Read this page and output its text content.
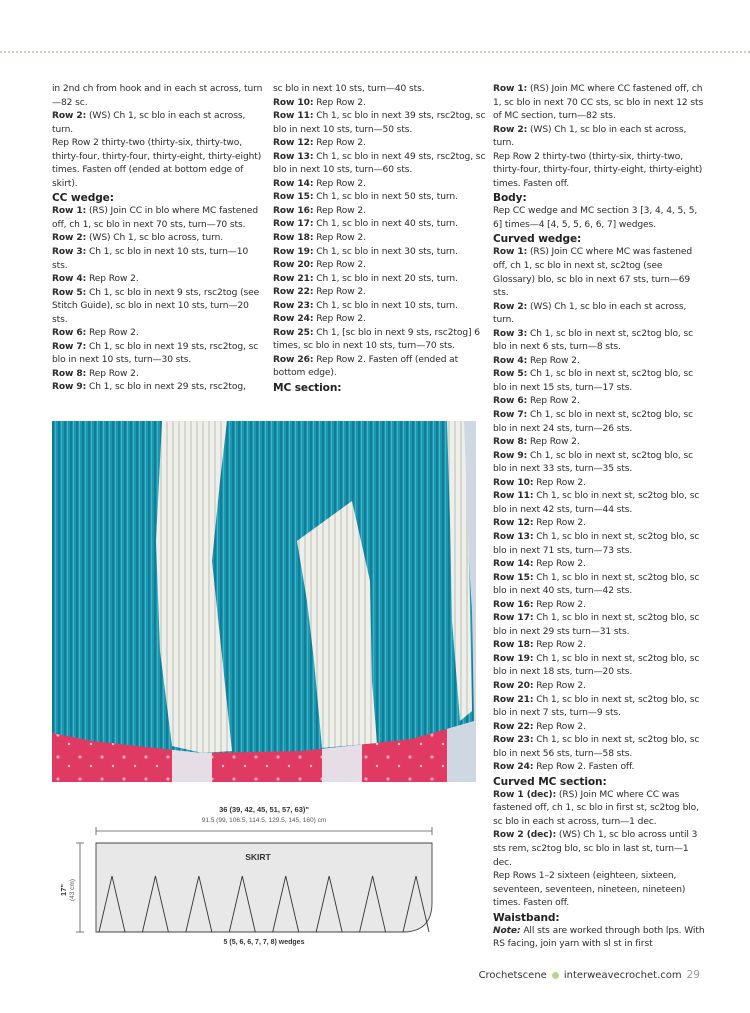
in 2nd ch from hook and in each st across, turn—82 sc.

Row 2: (WS) Ch 1, sc blo in each st across, turn.

Rep Row 2 thirty-two (thirty-six, thirty-two, thirty-four, thirty-four, thirty-eight, thirty-eight) times. Fasten off (ended at bottom edge of skirt).

CC wedge:

Row 1: (RS) Join CC in blo where MC fastened off, ch 1, sc blo in next 70 sts, turn—70 sts.

Row 2: (WS) Ch 1, sc blo across, turn.

Row 3: Ch 1, sc blo in next 10 sts, turn—10 sts.

Row 4: Rep Row 2.

Row 5: Ch 1, sc blo in next 9 sts, rsc2tog (see Stitch Guide), sc blo in next 10 sts, turn—20 sts.

Row 6: Rep Row 2.

Row 7: Ch 1, sc blo in next 19 sts, rsc2tog, sc blo in next 10 sts, turn—30 sts.

Row 8: Rep Row 2.

Row 9: Ch 1, sc blo in next 29 sts, rsc2tog,

sc blo in next 10 sts, turn—40 sts.

Row 10: Rep Row 2.

Row 11: Ch 1, sc blo in next 39 sts, rsc2tog, sc blo in next 10 sts, turn—50 sts.

Row 12: Rep Row 2.

Row 13: Ch 1, sc blo in next 49 sts, rsc2tog, sc blo in next 10 sts, turn—60 sts.

Row 14: Rep Row 2.

Row 15: Ch 1, sc blo in next 50 sts, turn.

Row 16: Rep Row 2.

Row 17: Ch 1, sc blo in next 40 sts, turn.

Row 18: Rep Row 2.

Row 19: Ch 1, sc blo in next 30 sts, turn.

Row 20: Rep Row 2.

Row 21: Ch 1, sc blo in next 20 sts, turn.

Row 22: Rep Row 2.

Row 23: Ch 1, sc blo in next 10 sts, turn.

Row 24: Rep Row 2.

Row 25: Ch 1, [sc blo in next 9 sts, rsc2tog] 6 times, sc blo in next 10 sts, turn—70 sts.

Row 26: Rep Row 2. Fasten off (ended at bottom edge).

MC section:

Row 1: (RS) Join MC where CC fastened off, ch 1, sc blo in next 70 CC sts, sc blo in next 12 sts of MC section, turn—82 sts.

Row 2: (WS) Ch 1, sc blo in each st across, turn.

Rep Row 2 thirty-two (thirty-six, thirty-two, thirty-four, thirty-four, thirty-eight, thirty-eight) times. Fasten off.

Body:

Rep CC wedge and MC section 3 [3, 4, 4, 5, 5, 6] times—4 [4, 5, 5, 6, 6, 7] wedges.

Curved wedge:

Row 1: (RS) Join CC where MC was fastened off, ch 1, sc blo in next st, sc2tog (see Glossary) blo, sc blo in next 67 sts, turn—69 sts.

Row 2: (WS) Ch 1, sc blo in each st across, turn.

Row 3: Ch 1, sc blo in next st, sc2tog blo, sc blo in next 6 sts, turn—8 sts.

Row 4: Rep Row 2.

Row 5: Ch 1, sc blo in next st, sc2tog blo, sc blo in next 15 sts, turn—17 sts.

Row 6: Rep Row 2.

Row 7: Ch 1, sc blo in next st, sc2tog blo, sc blo in next 24 sts, turn—26 sts.

Row 8: Rep Row 2.

Row 9: Ch 1, sc blo in next st, sc2tog blo, sc blo in next 33 sts, turn—35 sts.

Row 10: Rep Row 2.

Row 11: Ch 1, sc blo in next st, sc2tog blo, sc blo in next 42 sts, turn—44 sts.

Row 12: Rep Row 2.

Row 13: Ch 1, sc blo in next st, sc2tog blo, sc blo in next 71 sts, turn—73 sts.

Row 14: Rep Row 2.

Row 15: Ch 1, sc blo in next st, sc2tog blo, sc blo in next 40 sts, turn—42 sts.

Row 16: Rep Row 2.

Row 17: Ch 1, sc blo in next st, sc2tog blo, sc blo in next 29 sts turn—31 sts.

Row 18: Rep Row 2.

Row 19: Ch 1, sc blo in next st, sc2tog blo, sc blo in next 18 sts, turn—20 sts.

Row 20: Rep Row 2.

Row 21: Ch 1, sc blo in next st, sc2tog blo, sc blo in next 7 sts, turn—9 sts.

Row 22: Rep Row 2.

Row 23: Ch 1, sc blo in next st, sc2tog blo, sc blo in next 56 sts, turn—58 sts.

Row 24: Rep Row 2. Fasten off.

Curved MC section:

Row 1 (dec): (RS) Join MC where CC was fastened off, ch 1, sc blo in first st, sc2tog blo, sc blo in each st across, turn—1 dec.

Row 2 (dec): (WS) Ch 1, sc blo across until 3 sts rem, sc2tog blo, sc blo in last st, turn—1 dec.

Rep Rows 1–2 sixteen (eighteen, sixteen, seventeen, seventeen, nineteen, nineteen) times. Fasten off.

Waistband:

Note: All sts are worked through both lps. With RS facing, join yarn with sl st in first

36 (39, 42, 45, 51, 57, 63)"
91.5 (99, 106.5, 114.5, 129.5, 145, 160) cm
SKIRT
17" (43 cm)
5 (5, 6, 6, 7, 7, 8) wedges
Crochetscene interweavecrochet.com 29
